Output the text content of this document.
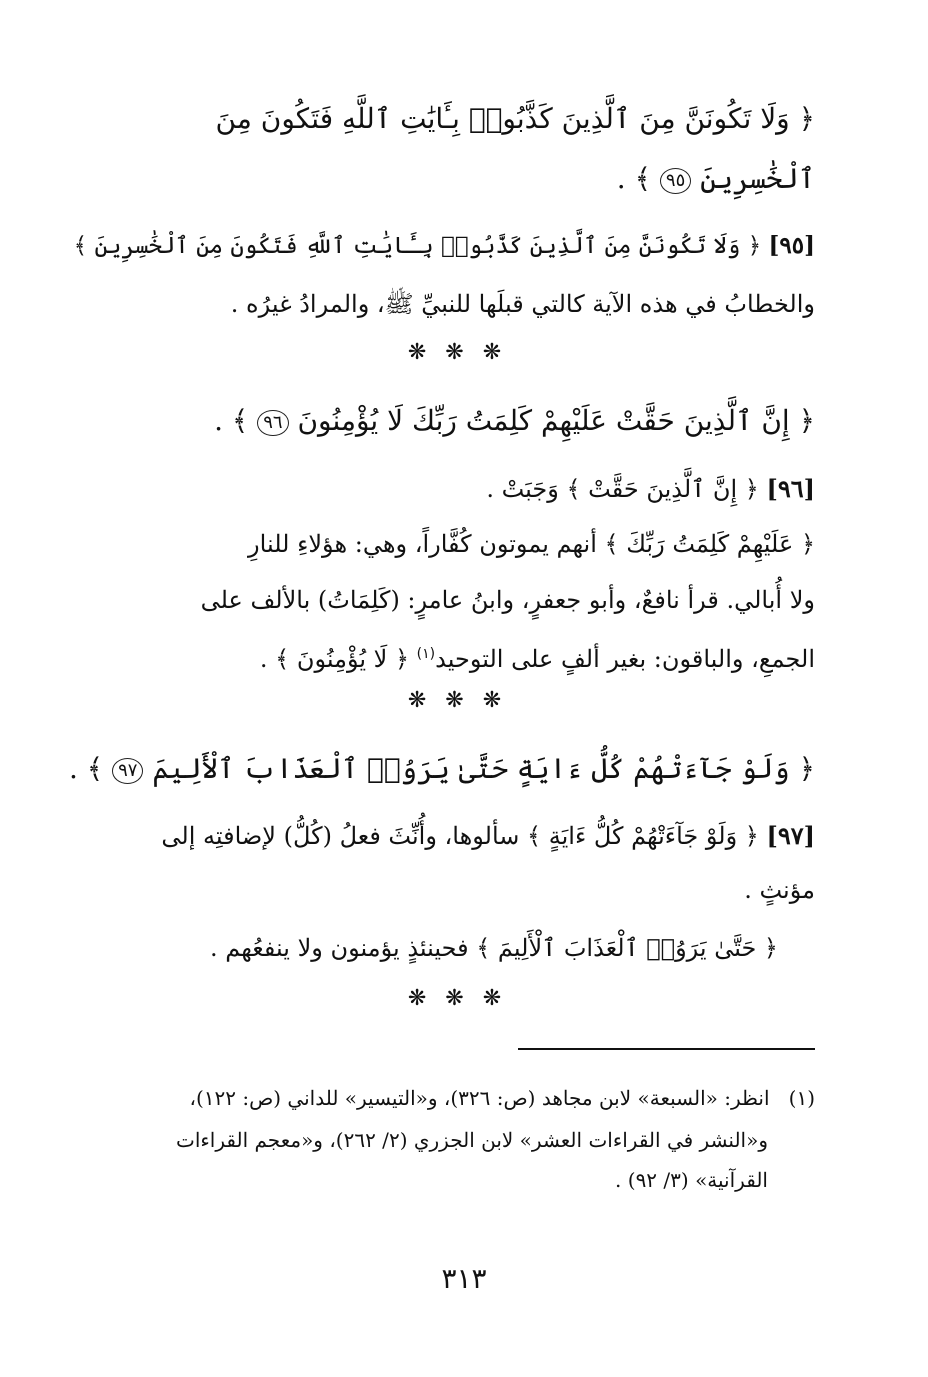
﴿ وَلَا تَكُونَنَّ مِنَ ٱلَّذِينَ كَذَّبُوا۟ بِـَٔايَٰتِ ٱللَّهِ فَتَكُونَ مِنَ
ٱلْخَٰسِرِينَ ٩٥ ﴾ .
[٩٥] ﴿ وَلَا تَكُونَنَّ مِنَ ٱلَّذِينَ كَذَّبُوا۟ بِـَٔايَٰتِ ٱللَّهِ فَتَكُونَ مِنَ ٱلْخَٰسِرِينَ ﴾
والخطابُ في هذه الآية كالتي قبلَها للنبيِّ ﷺ، والمرادُ غيرُه .
❋ ❋ ❋
﴿ إِنَّ ٱلَّذِينَ حَقَّتْ عَلَيْهِمْ كَلِمَتُ رَبِّكَ لَا يُؤْمِنُونَ ٩٦ ﴾ .
[٩٦] ﴿ إِنَّ ٱلَّذِينَ حَقَّتْ ﴾ وَجَبَتْ .
﴿ عَلَيْهِمْ كَلِمَتُ رَبِّكَ ﴾ أنهم يموتون كُفَّاراً، وهي: هؤلاءِ للنارِ
ولا أُبالي. قرأ نافعٌ، وأبو جعفرٍ، وابنُ عامرٍ: (كَلِمَاتُ) بالألف على
الجمعِ، والباقون: بغير ألفٍ على التوحيد$^{(١)}$ ﴿ لَا يُؤْمِنُونَ ﴾ .
❋ ❋ ❋
﴿ وَلَوْ جَآءَتْهُمْ كُلُّ ءَايَةٍ حَتَّىٰ يَرَوُا۟ ٱلْعَذَابَ ٱلْأَلِيمَ ٩٧ ﴾ .
[٩٧] ﴿ وَلَوْ جَآءَتْهُمْ كُلُّ ءَايَةٍ ﴾ سألوها، وأُنِّثَ فعلُ (كُلُّ) لإضافتِه إلى
مؤنثٍ .
﴿ حَتَّىٰ يَرَوُا۟ ٱلْعَذَابَ ٱلْأَلِيمَ ﴾ فحينئذٍ يؤمنون ولا ينفعُهم .
❋ ❋ ❋
(١)   انظر: «السبعة» لابن مجاهد (ص: ٣٢٦)، و«التيسير» للداني (ص: ١٢٢)،
و«النشر في القراءات العشر» لابن الجزري (٢/ ٢٦٢)، و«معجم القراءات
القرآنية» (٣/ ٩٢) .
٣١٣
